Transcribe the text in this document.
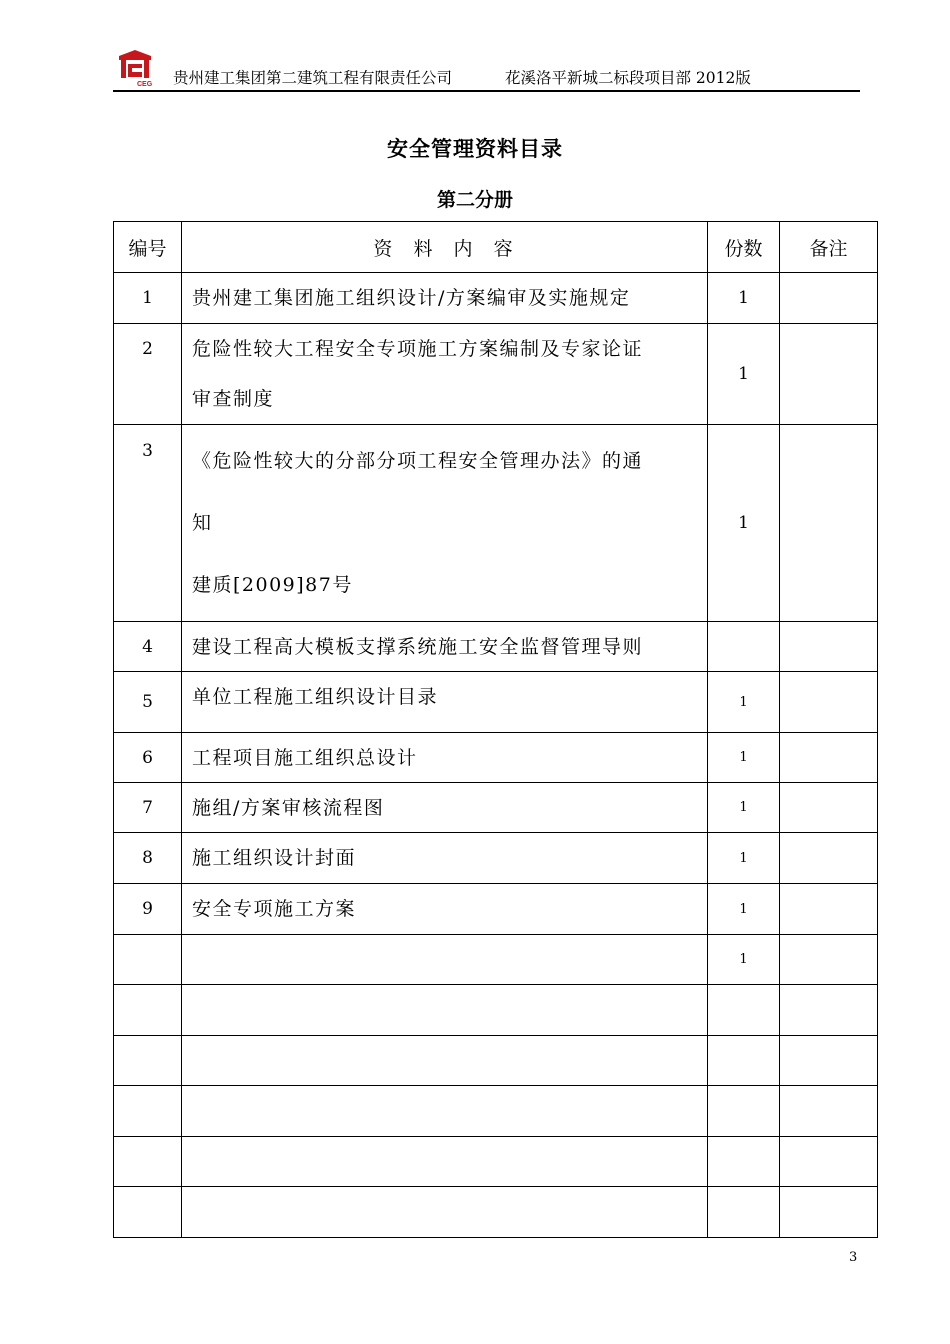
CEG 贵州建工集团第二建筑工程有限责任公司	花溪洛平新城二标段项目部 2012版
安全管理资料目录
第二分册
编号	资  料  内  容	份数	备注
1	贵州建工集团施工组织设计/方案编审及实施规定	1	
2	危险性较大工程安全专项施工方案编制及专家论证
审查制度	1	
3	《危险性较大的分部分项工程安全管理办法》的通
知
建质[2009]87号	1	
4	建设工程高大模板支撑系统施工安全监督管理导则		

5	单位工程施工组织设计目录	1	
6	工程项目施工组织总设计	1	
7	施组/方案审核流程图	1	
8	施工组织设计封面	1	
9	安全专项施工方案	1	

	1	

3
